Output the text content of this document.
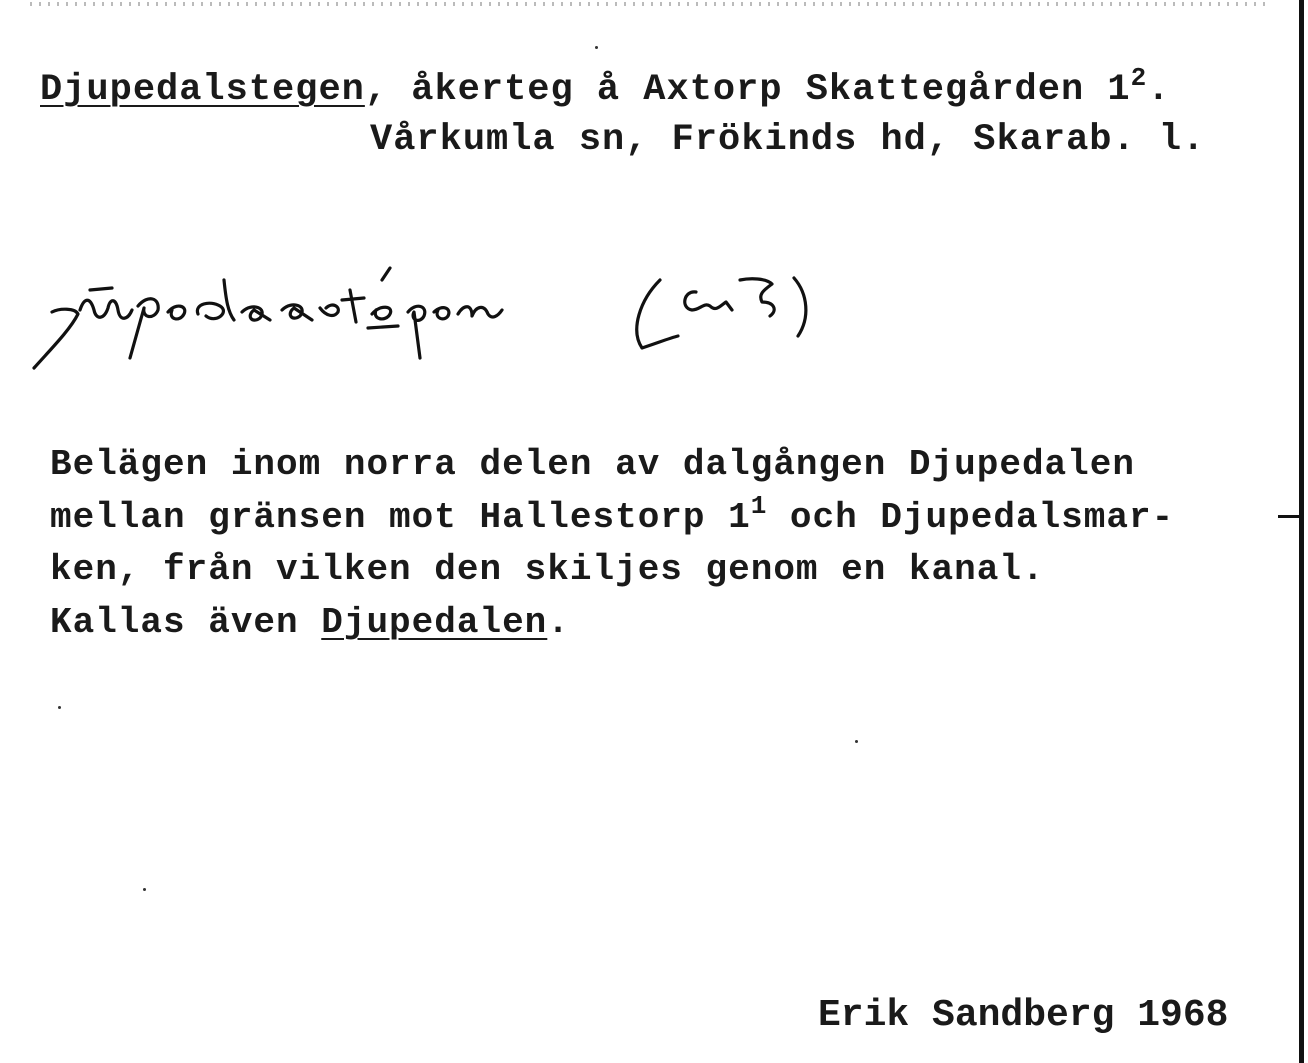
Djupedalstegen, åkerteg å Axtorp Skattegården $1^2$.
Vårkumla sn, Frökinds hd, Skarab. l.
Belägen inom norra delen av dalgången Djupedalen
mellan gränsen mot Hallestorp $1^1$ och Djupedalsmar-
ken, från vilken den skiljes genom en kanal.
Kallas även Djupedalen.
Erik Sandberg 1968
